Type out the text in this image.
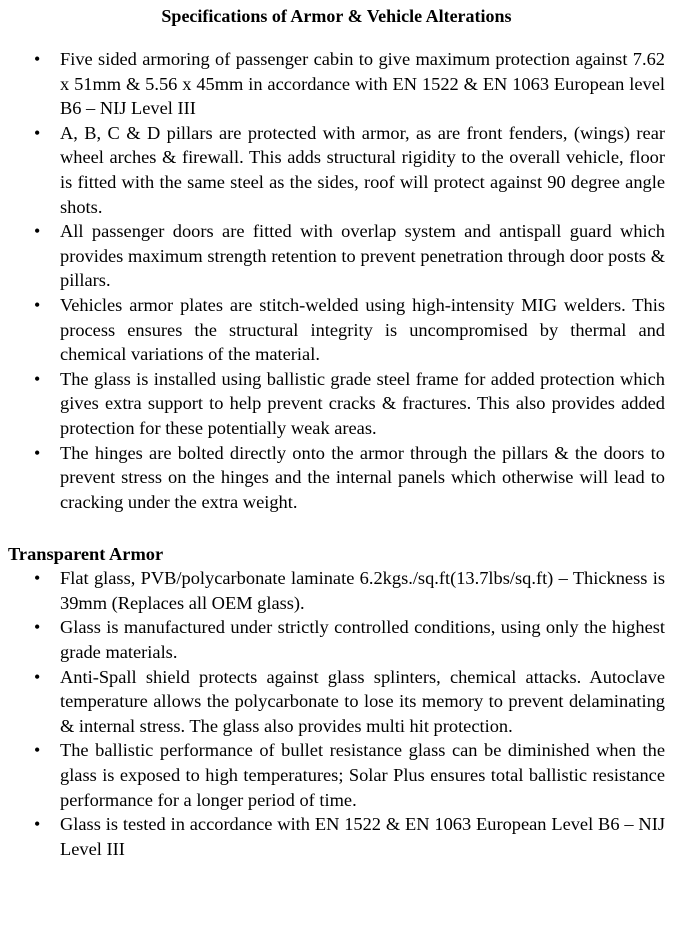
Specifications of Armor & Vehicle Alterations
• Five sided armoring of passenger cabin to give maximum protection against 7.62 x 51mm & 5.56 x 45mm in accordance with EN 1522 & EN 1063 European level B6 – NIJ Level III
• A, B, C & D pillars are protected with armor, as are front fenders, (wings) rear wheel arches & firewall. This adds structural rigidity to the overall vehicle, floor is fitted with the same steel as the sides, roof will protect against 90 degree angle shots.
• All passenger doors are fitted with overlap system and antispall guard which provides maximum strength retention to prevent penetration through door posts & pillars.
• Vehicles armor plates are stitch-welded using high-intensity MIG welders. This process ensures the structural integrity is uncompromised by thermal and chemical variations of the material.
• The glass is installed using ballistic grade steel frame for added protection which gives extra support to help prevent cracks & fractures. This also provides added protection for these potentially weak areas.
• The hinges are bolted directly onto the armor through the pillars & the doors to prevent stress on the hinges and the internal panels which otherwise will lead to cracking under the extra weight.
Transparent Armor
• Flat glass, PVB/polycarbonate laminate 6.2kgs./sq.ft(13.7lbs/sq.ft) – Thickness is 39mm (Replaces all OEM glass).
• Glass is manufactured under strictly controlled conditions, using only the highest grade materials.
• Anti-Spall shield protects against glass splinters, chemical attacks. Autoclave temperature allows the polycarbonate to lose its memory to prevent delaminating & internal stress. The glass also provides multi hit protection.
• The ballistic performance of bullet resistance glass can be diminished when the glass is exposed to high temperatures; Solar Plus ensures total ballistic resistance performance for a longer period of time.
• Glass is tested in accordance with EN 1522 & EN 1063 European Level B6 – NIJ Level III
